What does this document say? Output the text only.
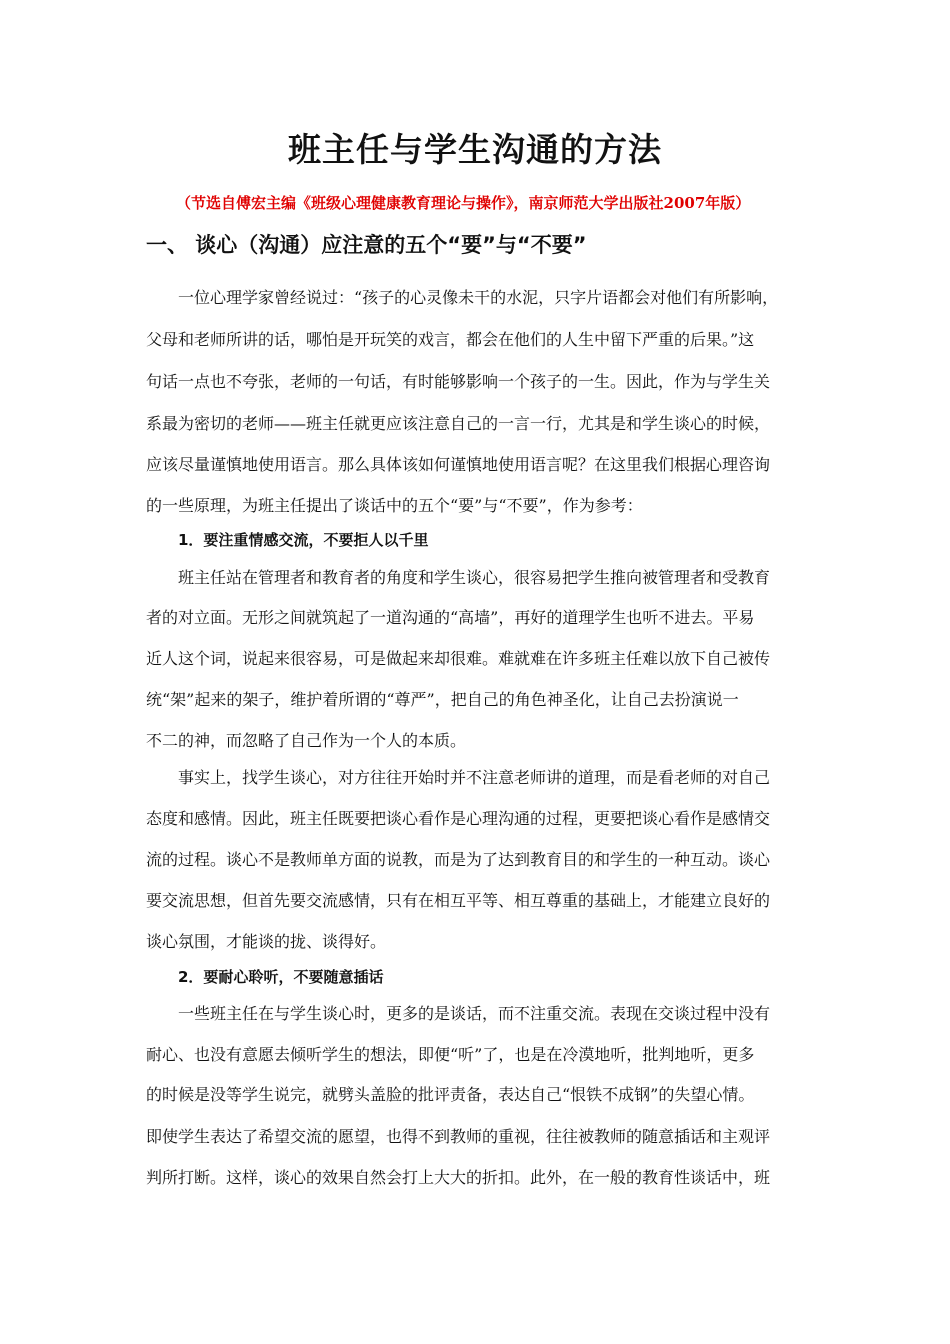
班主任与学生沟通的方法
（节选自傅宏主编《班级心理健康教育理论与操作》，南京师范大学出版社2007年版）
一、 谈心（沟通）应注意的五个“要”与“不要”
一位心理学家曾经说过：“孩子的心灵像未干的水泥，只字片语都会对他们有所影响，
父母和老师所讲的话，哪怕是开玩笑的戏言，都会在他们的人生中留下严重的后果。”这
句话一点也不夸张，老师的一句话，有时能够影响一个孩子的一生。因此，作为与学生关
系最为密切的老师——班主任就更应该注意自己的一言一行，尤其是和学生谈心的时候，
应该尽量谨慎地使用语言。那么具体该如何谨慎地使用语言呢？在这里我们根据心理咨询
的一些原理，为班主任提出了谈话中的五个“要”与“不要”，作为参考：
1．要注重情感交流，不要拒人以千里
班主任站在管理者和教育者的角度和学生谈心，很容易把学生推向被管理者和受教育
者的对立面。无形之间就筑起了一道沟通的“高墙”，再好的道理学生也听不进去。平易
近人这个词，说起来很容易，可是做起来却很难。难就难在许多班主任难以放下自己被传
统“架”起来的架子，维护着所谓的“尊严”，把自己的角色神圣化，让自己去扮演说一
不二的神，而忽略了自己作为一个人的本质。
事实上，找学生谈心，对方往往开始时并不注意老师讲的道理，而是看老师的对自己
态度和感情。因此，班主任既要把谈心看作是心理沟通的过程，更要把谈心看作是感情交
流的过程。谈心不是教师单方面的说教，而是为了达到教育目的和学生的一种互动。谈心
要交流思想，但首先要交流感情，只有在相互平等、相互尊重的基础上，才能建立良好的
谈心氛围，才能谈的拢、谈得好。
2．要耐心聆听，不要随意插话
一些班主任在与学生谈心时，更多的是谈话，而不注重交流。表现在交谈过程中没有
耐心、也没有意愿去倾听学生的想法，即便“听”了，也是在冷漠地听，批判地听，更多
的时候是没等学生说完，就劈头盖脸的批评责备，表达自己“恨铁不成钢”的失望心情。
即使学生表达了希望交流的愿望，也得不到教师的重视，往往被教师的随意插话和主观评
判所打断。这样，谈心的效果自然会打上大大的折扣。此外，在一般的教育性谈话中，班
